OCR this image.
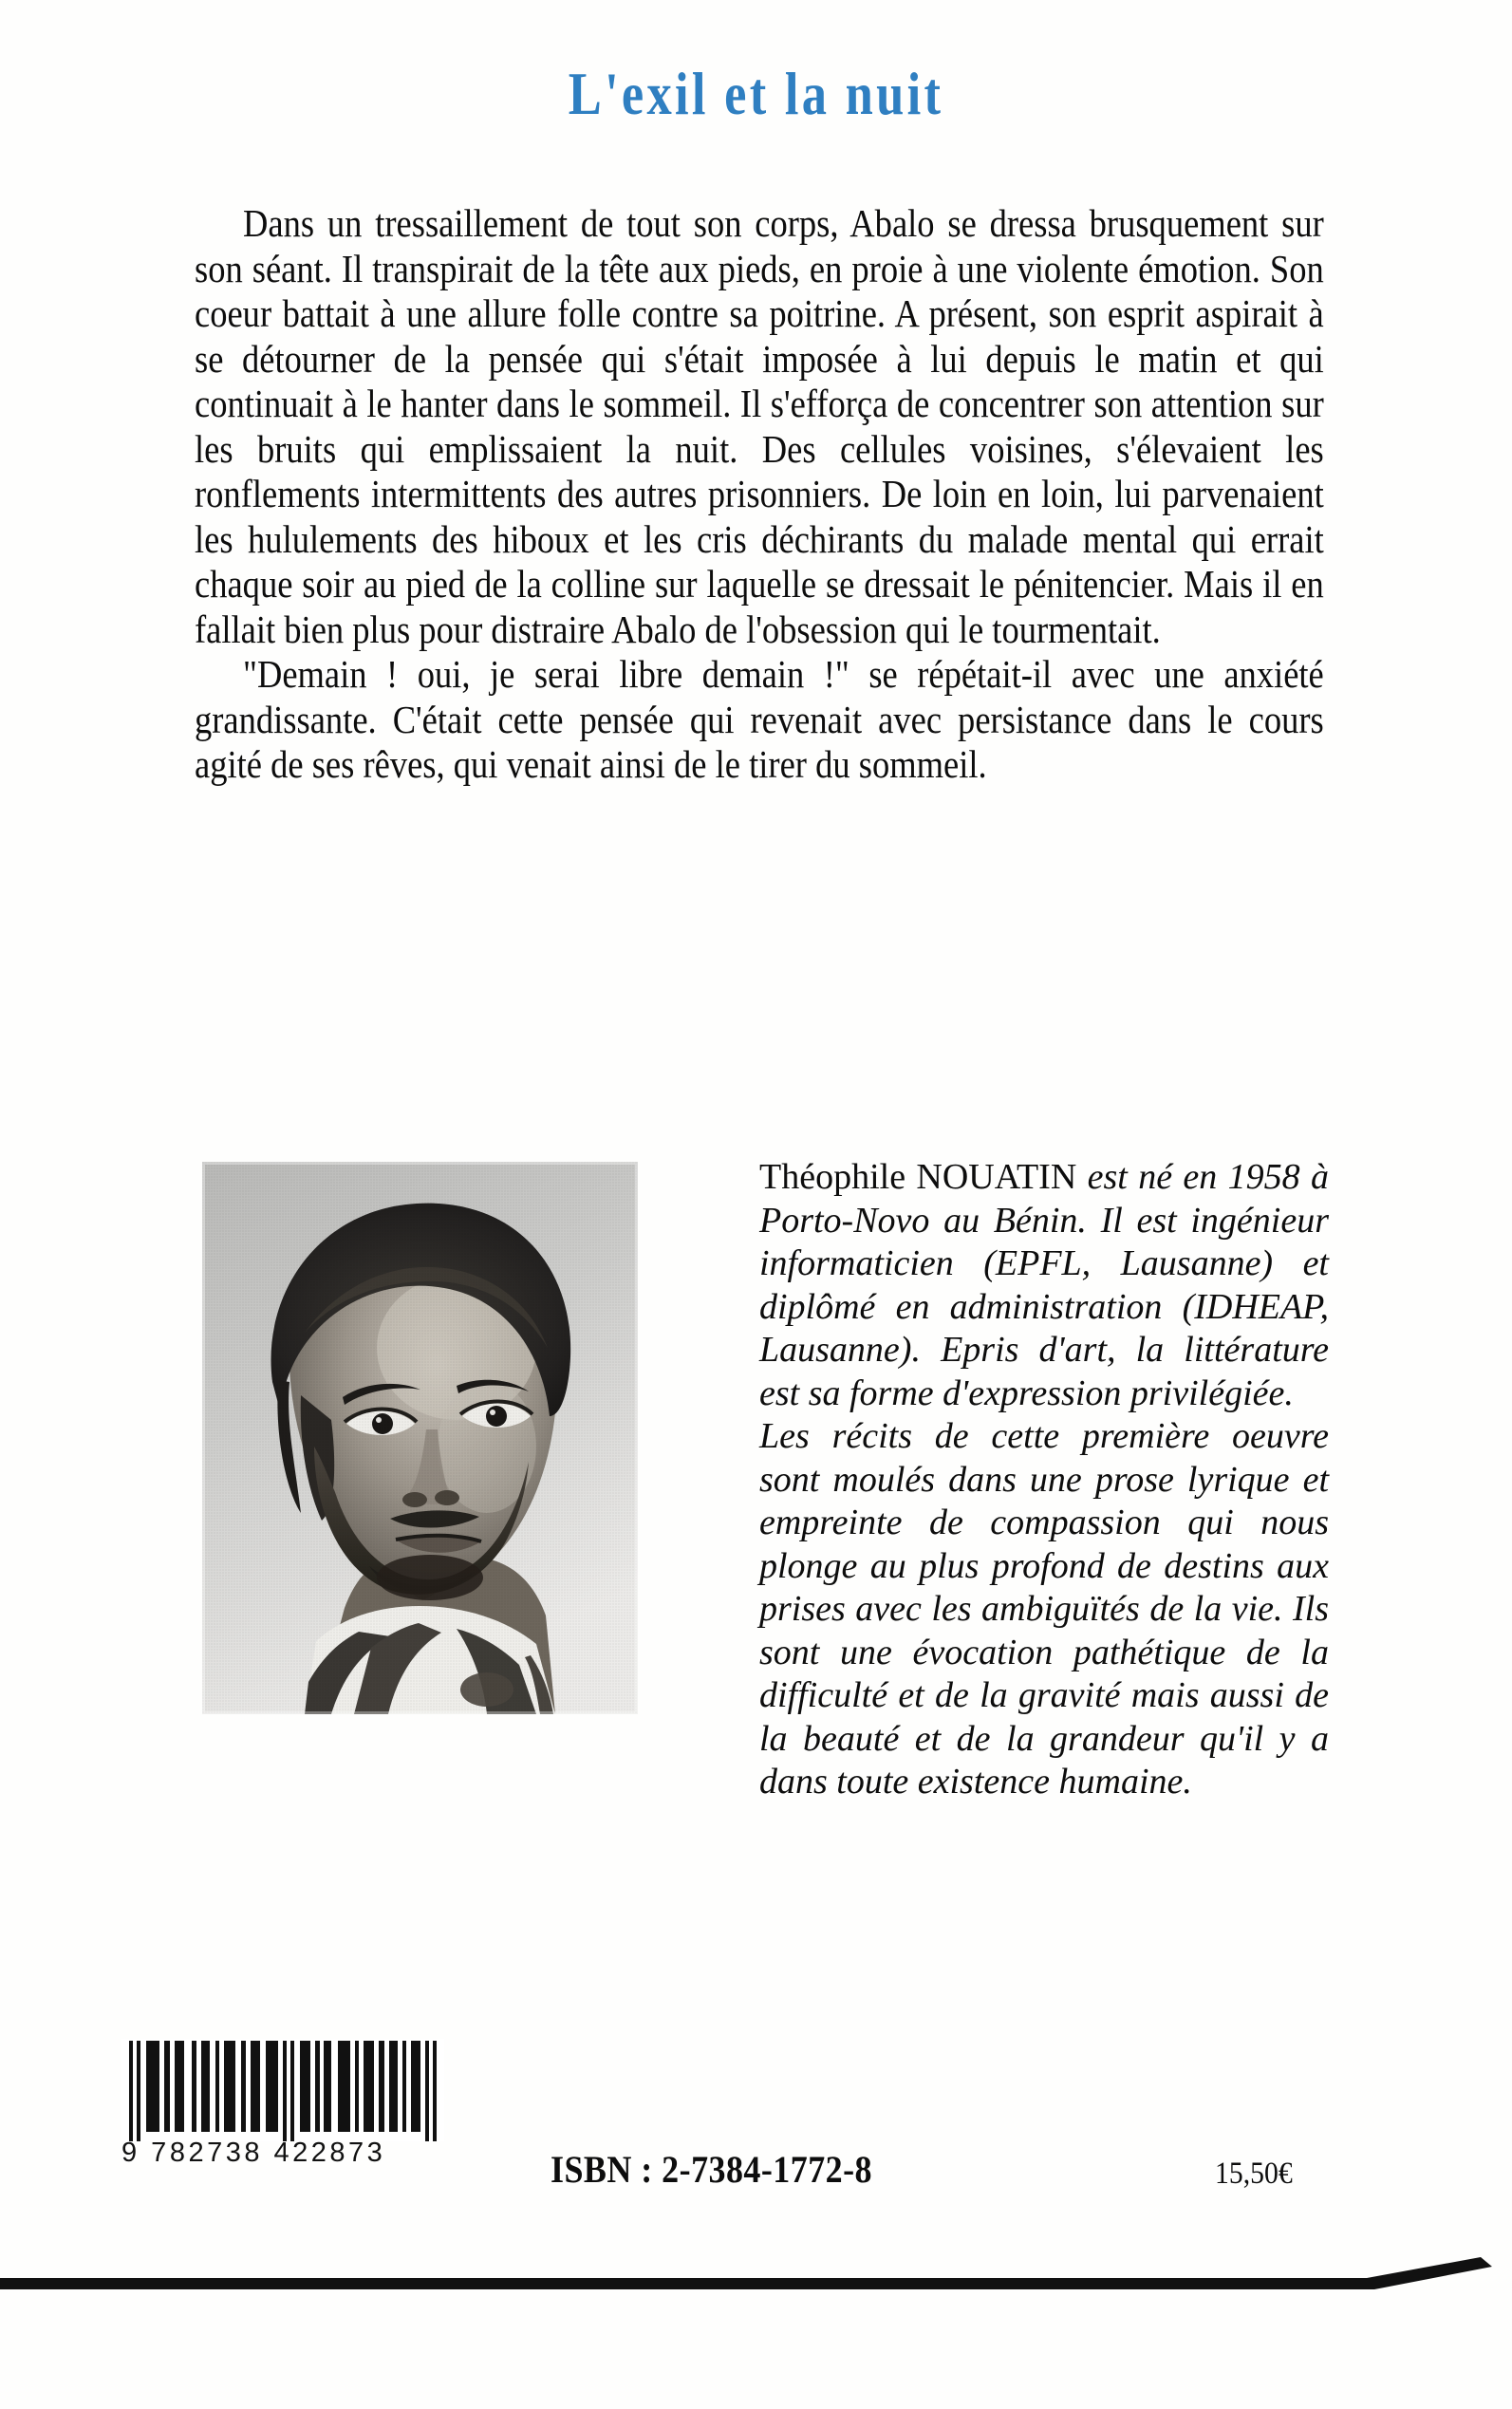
L'exil et la nuit

Dans un tressaillement de tout son corps, Abalo se dressa brusquement sur son séant. Il transpirait de la tête aux pieds, en proie à une violente émotion. Son coeur battait à une allure folle contre sa poitrine. A présent, son esprit aspirait à se détourner de la pensée qui s'était imposée à lui depuis le matin et qui continuait à le hanter dans le sommeil. Il s'efforça de concentrer son attention sur les bruits qui emplissaient la nuit. Des cellules voisines, s'élevaient les ronflements intermittents des autres prisonniers. De loin en loin, lui parvenaient les hululements des hiboux et les cris déchirants du malade mental qui errait chaque soir au pied de la colline sur laquelle se dressait le pénitencier. Mais il en fallait bien plus pour distraire Abalo de l'obsession qui le tourmentait.

"Demain ! oui, je serai libre demain !" se répétait-il avec une anxiété grandissante. C'était cette pensée qui revenait avec persistance dans le cours agité de ses rêves, qui venait ainsi de le tirer du sommeil.

Théophile NOUATIN est né en 1958 à Porto-Novo au Bénin. Il est ingénieur informaticien (EPFL, Lausanne) et diplômé en administration (IDHEAP, Lausanne). Epris d'art, la littérature est sa forme d'expression privilégiée.

Les récits de cette première oeuvre sont moulés dans une prose lyrique et empreinte de compassion qui nous plonge au plus profond de destins aux prises avec les ambiguïtés de la vie. Ils sont une évocation pathétique de la difficulté et de la gravité mais aussi de la beauté et de la grandeur qu'il y a dans toute existence humaine.

9 782738 422873	ISBN : 2-7384-1772-8	15,50€
